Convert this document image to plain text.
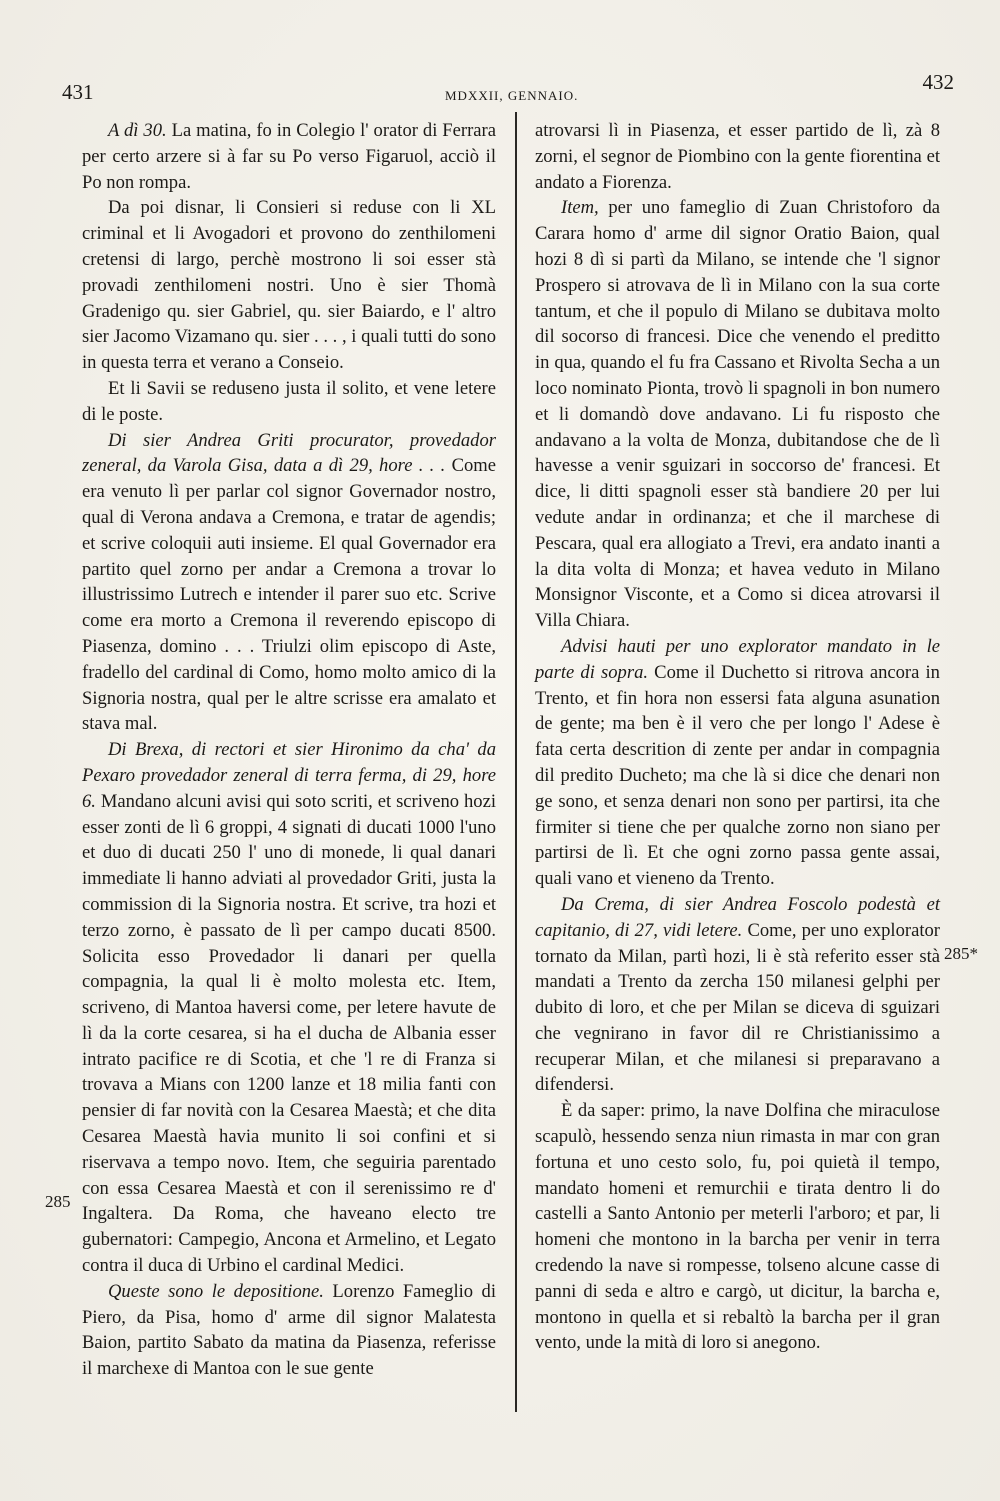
431	MDXXII, GENNAIO.
432

A dì 30. La matina, fo in Colegio l' orator di Ferrara per certo arzere si à far su Po verso Figaruol, acciò il Po non rompa.

Da poi disnar, li Consieri si reduse con li XL criminal et li Avogadori et provono do zenthilomeni cretensi di largo, perchè mostrono li soi esser stà provadi zenthilomeni nostri. Uno è sier Thomà Gradenigo qu. sier Gabriel, qu. sier Baiardo, e l' altro sier Jacomo Vizamano qu. sier . . . , i quali tutti do sono in questa terra et verano a Conseio.

Et li Savii se reduseno justa il solito, et vene letere di le poste.

Di sier Andrea Griti procurator, provedador zeneral, da Varola Gisa, data a dì 29, hore . . . Come era venuto lì per parlar col signor Governador nostro, qual di Verona andava a Cremona, e tratar de agendis; et scrive coloquii auti insieme. El qual Governador era partito quel zorno per andar a Cremona a trovar lo illustrissimo Lutrech e intender il parer suo etc. Scrive come era morto a Cremona il reverendo episcopo di Piasenza, domino . . . Triulzi olim episcopo di Aste, fradello del cardinal di Como, homo molto amico di la Signoria nostra, qual per le altre scrisse era amalato et stava mal.

Di Brexa, di rectori et sier Hironimo da cha' da Pexaro provedador zeneral di terra ferma, di 29, hore 6. Mandano alcuni avisi qui soto scriti, et scriveno hozi esser zonti de lì 6 groppi, 4 signati di ducati 1000 l'uno et duo di ducati 250 l' uno di monede, li qual danari immediate li hanno adviati al provedador Griti, justa la commission di la Signoria nostra. Et scrive, tra hozi et terzo zorno, è passato de lì per campo ducati 8500. Solicita esso Provedador li danari per quella compagnia, la qual li è molto molesta etc. Item, scriveno, di Mantoa haversi come, per letere havute de lì da la corte cesarea, si ha el ducha de Albania esser intrato pacifice re di Scotia, et che 'l re di Franza si trovava a Mians con 1200 lanze et 18 milia fanti con pensier di far novità con la Cesarea Maestà; et che dita Cesarea Maestà havia munito li soi confini et si riservava a tempo novo. Item, che seguiria parentado con essa Cesarea Maestà et con il serenissimo re d' Ingaltera. Da Roma, che haveano electo tre gubernatori: Campegio, Ancona et Armelino, et Legato contra il duca di Urbino el cardinal Medici.

Queste sono le depositione. Lorenzo Fameglio di Piero, da Pisa, homo d' arme dil signor Malatesta Baion, partito Sabato da matina da Piasenza, referisse il marchexe di Mantoa con le sue gente

atrovarsi lì in Piasenza, et esser partido de lì, zà 8 zorni, el segnor de Piombino con la gente fiorentina et andato a Fiorenza.

Item, per uno fameglio di Zuan Christoforo da Carara homo d' arme dil signor Oratio Baion, qual hozi 8 dì si partì da Milano, se intende che 'l signor Prospero si atrovava de lì in Milano con la sua corte tantum, et che il populo di Milano se dubitava molto dil socorso di francesi. Dice che venendo el preditto in qua, quando el fu fra Cassano et Rivolta Secha a un loco nominato Pionta, trovò li spagnoli in bon numero et li domandò dove andavano. Li fu risposto che andavano a la volta de Monza, dubitandose che de lì havesse a venir sguizari in soccorso de' francesi. Et dice, li ditti spagnoli esser stà bandiere 20 per lui vedute andar in ordinanza; et che il marchese di Pescara, qual era allogiato a Trevi, era andato inanti a la dita volta di Monza; et havea veduto in Milano Monsignor Visconte, et a Como si dicea atrovarsi il Villa Chiara.

Advisi hauti per uno explorator mandato in le parte di sopra. Come il Duchetto si ritrova ancora in Trento, et fin hora non essersi fata alguna asunation de gente; ma ben è il vero che per longo l' Adese è fata certa descrition di zente per andar in compagnia dil predito Ducheto; ma che là si dice che denari non ge sono, et senza denari non sono per partirsi, ita che firmiter si tiene che per qualche zorno non siano per partirsi de lì. Et che ogni zorno passa gente assai, quali vano et vieneno da Trento.

Da Crema, di sier Andrea Foscolo podestà et capitanio, di 27, vidi letere. Come, per uno explorator tornato da Milan, partì hozi, li è stà referito esser stà mandati a Trento da zercha 150 milanesi gelphi per dubito di loro, et che per Milan se diceva di sguizari che vegnirano in favor dil re Christianissimo a recuperar Milan, et che milanesi si preparavano a difendersi.

È da saper: primo, la nave Dolfina che miraculose scapulò, hessendo senza niun rimasta in mar con gran fortuna et uno cesto solo, fu, poi quietà il tempo, mandato homeni et remurchii e tirata dentro li do castelli a Santo Antonio per meterli l'arboro; et par, li homeni che montono in la barcha per venir in terra credendo la nave si rompesse, tolseno alcune casse di panni di seda e altro e cargò, ut dicitur, la barcha e, montono in quella et si rebaltò la barcha per il gran vento, unde la mità di loro si anegono.

285
285*
